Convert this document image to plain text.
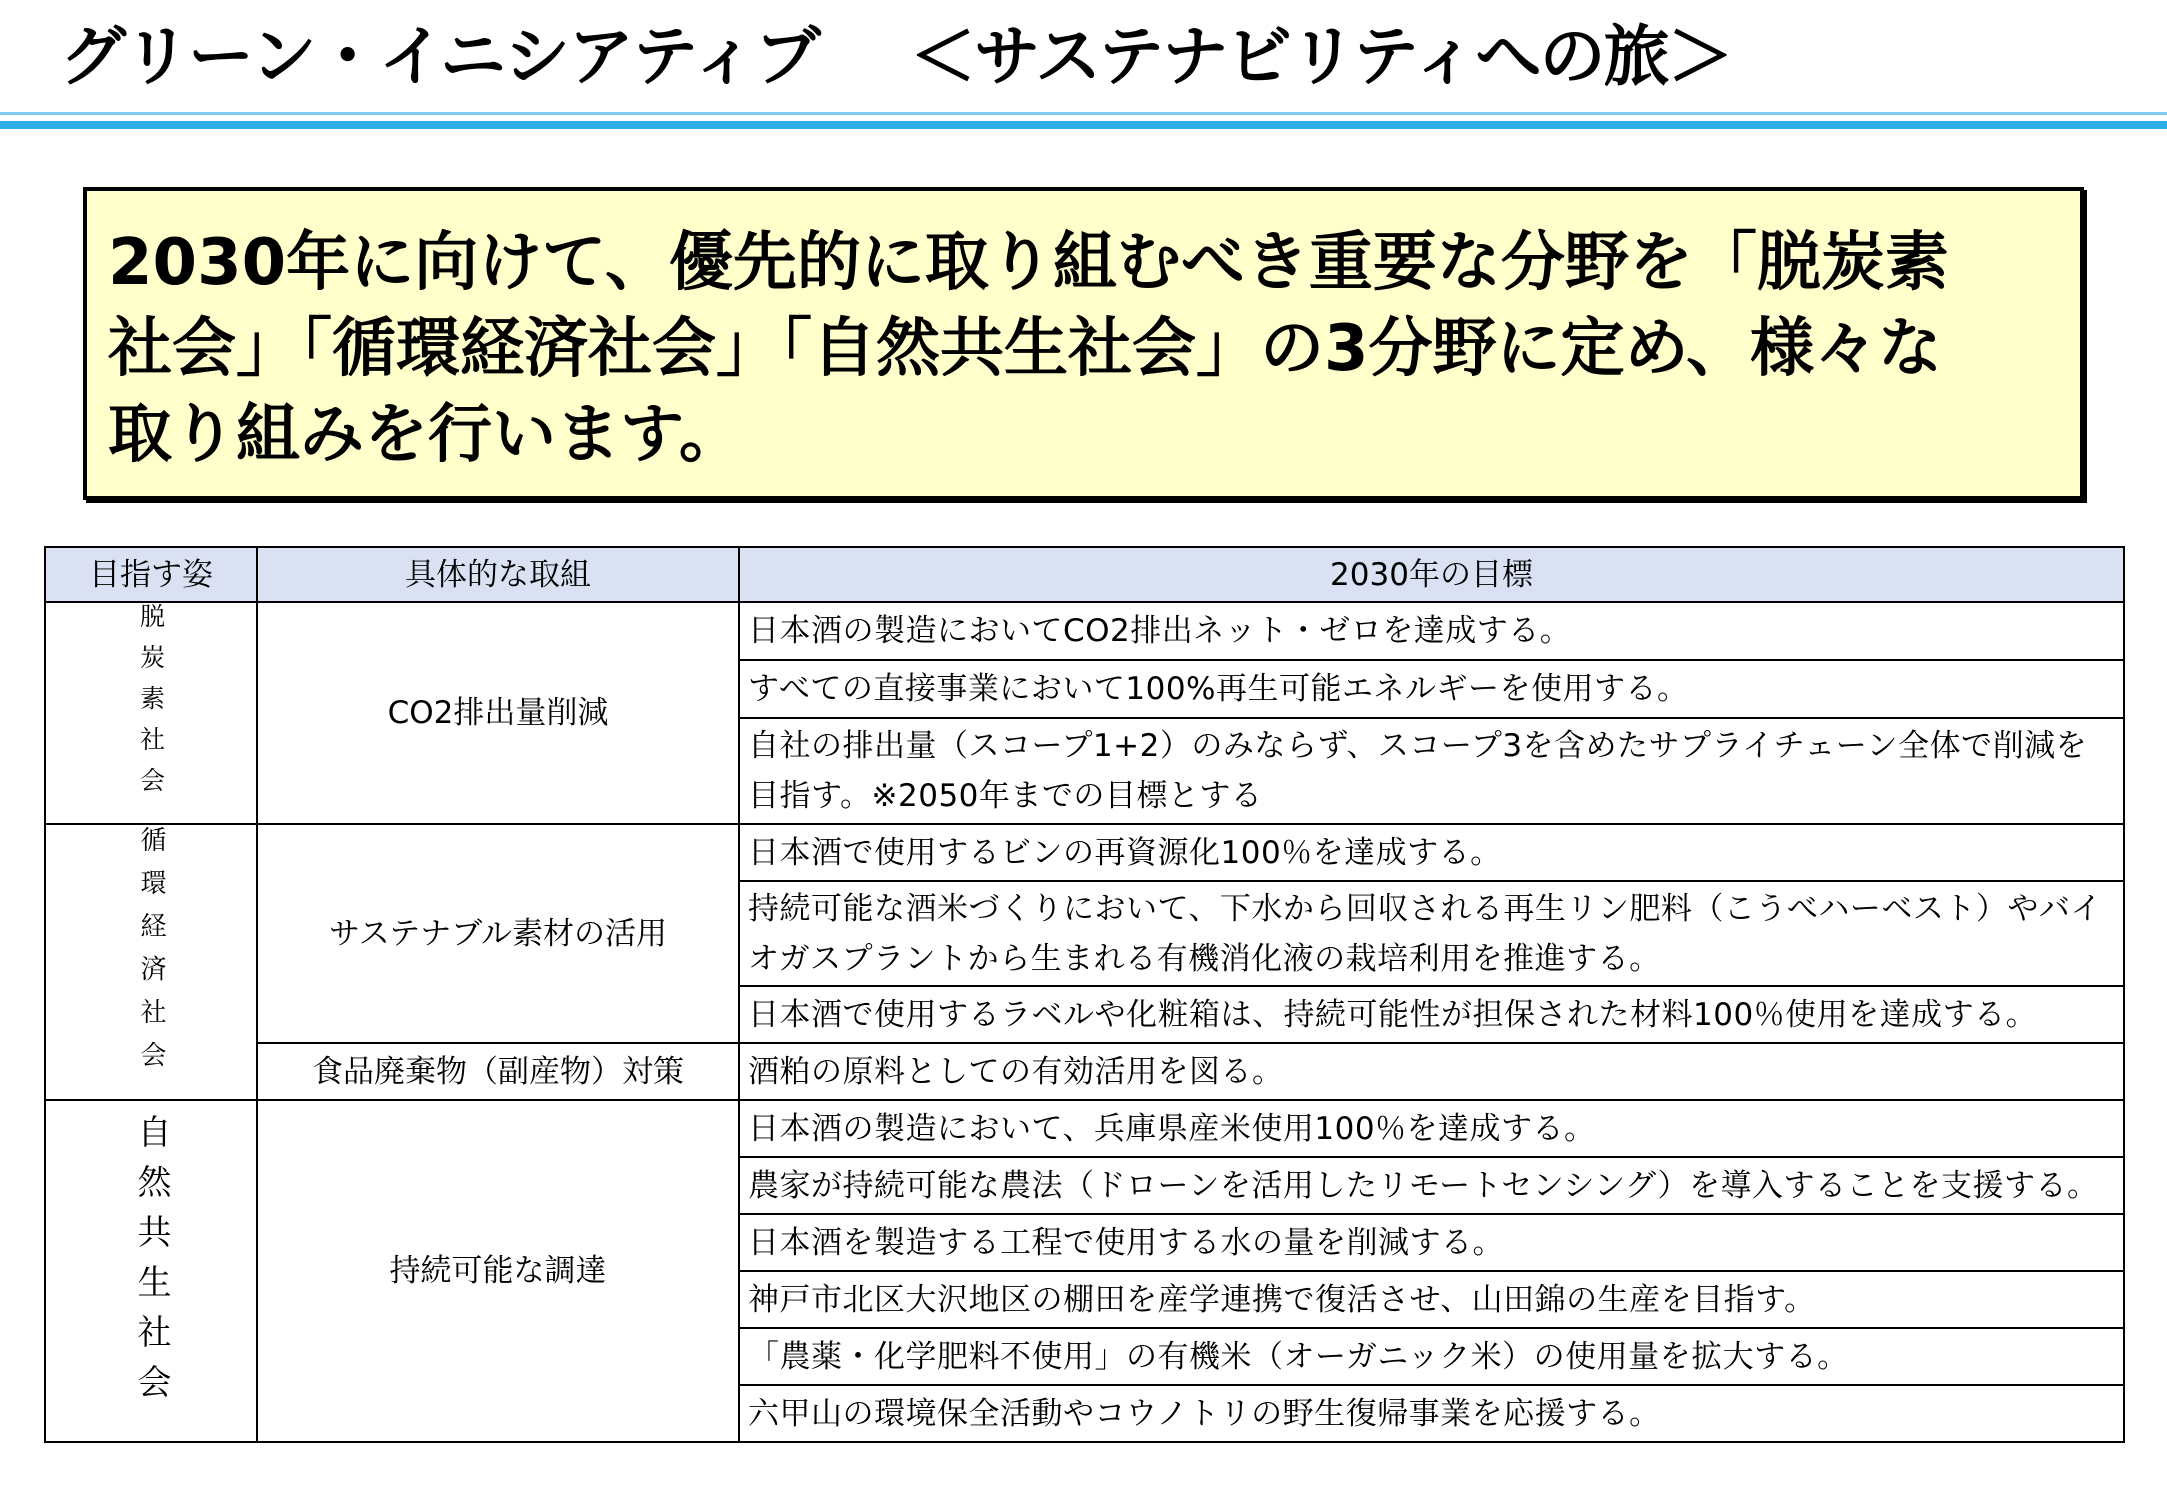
グリーン・イニシアティブ ＜サステナビリティへの旅＞
2030年に向けて、優先的に取り組むべき重要な分野を「脱炭素
社会」「循環経済社会」「自然共生社会」の3分野に定め、様々な
取り組みを行います。
目指す姿	具体的な取組	2030年の目標
脱炭素社会	CO2排出量削減	日本酒の製造においてCO2排出ネット・ゼロを達成する。
		すべての直接事業において100%再生可能エネルギーを使用する。
		自社の排出量（スコープ1+2）のみならず、スコープ3を含めたサプライチェーン全体で削減を目指す。※2050年までの目標とする
循環経済社会	サステナブル素材の活用	日本酒で使用するビンの再資源化100％を達成する。
		持続可能な酒米づくりにおいて、下水から回収される再生リン肥料（こうべハーベスト）やバイオガスプラントから生まれる有機消化液の栽培利用を推進する。
		日本酒で使用するラベルや化粧箱は、持続可能性が担保された材料100％使用を達成する。
	食品廃棄物（副産物）対策	酒粕の原料としての有効活用を図る。
自然共生社会	持続可能な調達	日本酒の製造において、兵庫県産米使用100％を達成する。
		農家が持続可能な農法（ドローンを活用したリモートセンシング）を導入することを支援する。
		日本酒を製造する工程で使用する水の量を削減する。
		神戸市北区大沢地区の棚田を産学連携で復活させ、山田錦の生産を目指す。
		「農薬・化学肥料不使用」の有機米（オーガニック米）の使用量を拡大する。
		六甲山の環境保全活動やコウノトリの野生復帰事業を応援する。
